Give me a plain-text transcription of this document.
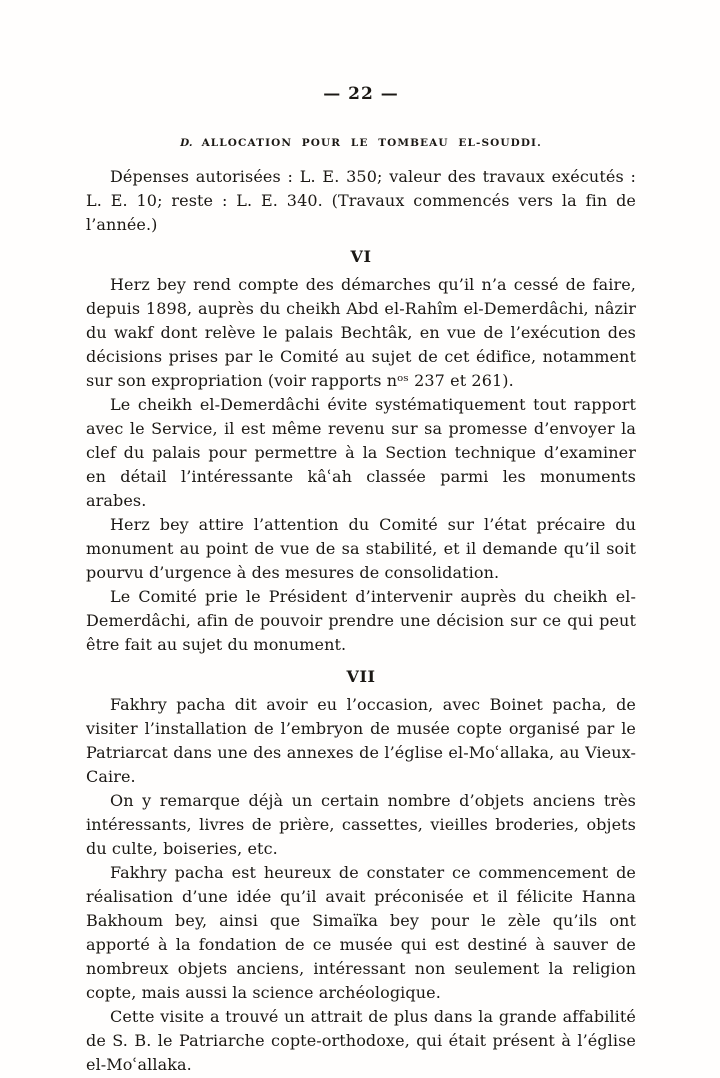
— 22 —
D. ALLOCATION POUR LE TOMBEAU EL-SOUDDI.

Dépenses autorisées : L. E. 350; valeur des travaux exécutés : L. E. 10; reste : L. E. 340. (Travaux commencés vers la fin de l’année.)

VI

Herz bey rend compte des démarches qu’il n’a cessé de faire, depuis 1898, auprès du cheikh Abd el-Rahîm el-Demerdâchi, nâzir du wakf dont relève le palais Bechtâk, en vue de l’exécution des décisions prises par le Comité au sujet de cet édifice, notamment sur son expropriation (voir rapports nᵒˢ 237 et 261).

Le cheikh el-Demerdâchi évite systématiquement tout rapport avec le Service, il est même revenu sur sa promesse d’envoyer la clef du palais pour permettre à la Section technique d’examiner en détail l’intéressante kâʿah classée parmi les monuments arabes.

Herz bey attire l’attention du Comité sur l’état précaire du monument au point de vue de sa stabilité, et il demande qu’il soit pourvu d’urgence à des mesures de consolidation.

Le Comité prie le Président d’intervenir auprès du cheikh el-Demerdâchi, afin de pouvoir prendre une décision sur ce qui peut être fait au sujet du monument.

VII

Fakhry pacha dit avoir eu l’occasion, avec Boinet pacha, de visiter l’installation de l’embryon de musée copte organisé par le Patriarcat dans une des annexes de l’église el-Moʿallaka, au Vieux-Caire.

On y remarque déjà un certain nombre d’objets anciens très intéressants, livres de prière, cassettes, vieilles broderies, objets du culte, boiseries, etc.

Fakhry pacha est heureux de constater ce commencement de réalisation d’une idée qu’il avait préconisée et il félicite Hanna Bakhoum bey, ainsi que Simaïka bey pour le zèle qu’ils ont apporté à la fondation de ce musée qui est destiné à sauver de nombreux objets anciens, intéressant non seulement la religion copte, mais aussi la science archéologique.

Cette visite a trouvé un attrait de plus dans la grande affabilité de S. B. le Patriarche copte-orthodoxe, qui était présent à l’église el-Moʿallaka.
